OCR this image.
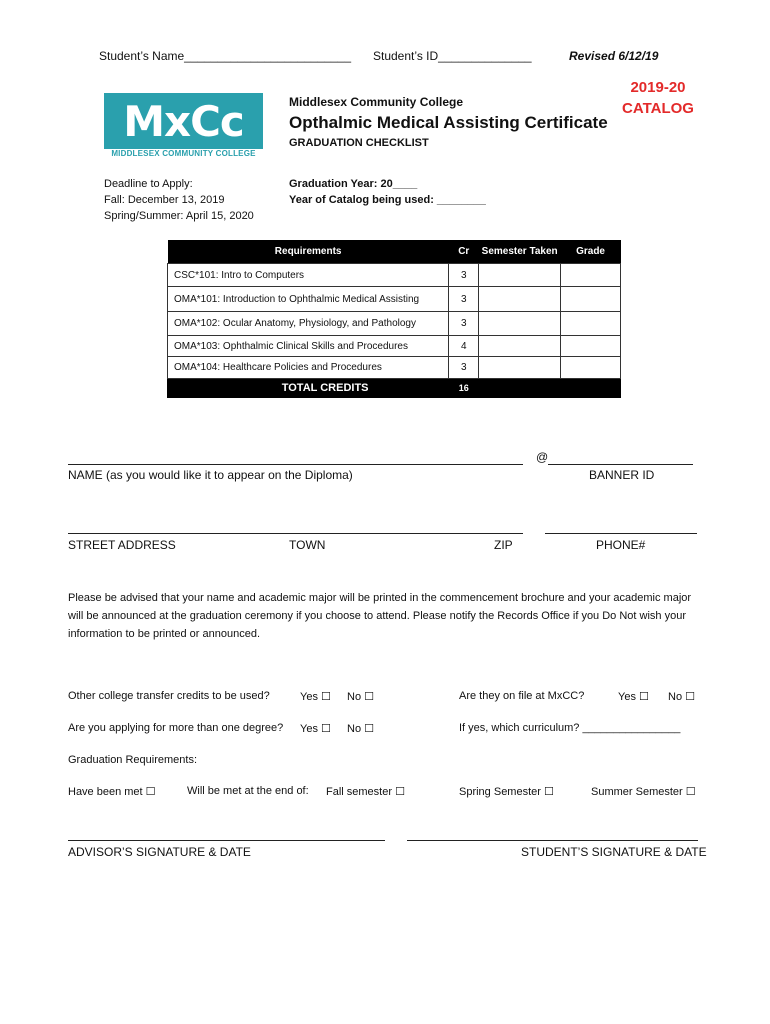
Student’s Name_________________________ Student’s ID______________	Revised 6/12/19
MxCc
MIDDLESEX COMMUNITY COLLEGE
Middlesex Community College
Opthalmic Medical Assisting Certificate
GRADUATION CHECKLIST
2019-20
CATALOG
Deadline to Apply:
Fall: December 13, 2019
Spring/Summer: April 15, 2020
Graduation Year: 20____
Year of Catalog being used: ________
Requirements	Cr	Semester Taken	Grade
CSC*101: Intro to Computers	3		
OMA*101: Introduction to Ophthalmic Medical Assisting	3		
OMA*102: Ocular Anatomy, Physiology, and Pathology	3		
OMA*103: Ophthalmic Clinical Skills and Procedures	4		
OMA*104: Healthcare Policies and Procedures	3		
TOTAL CREDITS	16		
@
NAME (as you would like it to appear on the Diploma)	BANNER ID
STREET ADDRESS	TOWN	ZIP	PHONE#
Please be advised that your name and academic major will be printed in the commencement brochure and your academic major will be announced at the graduation ceremony if you choose to attend. Please notify the Records Office if you Do Not wish your information to be printed or announced.
Other college transfer credits to be used?	Yes ☐ No ☐	Are they on file at MxCC?	Yes ☐ No ☐
Are you applying for more than one degree? Yes ☐ No ☐	If yes, which curriculum? ________________
Graduation Requirements:
Have been met ☐	Will be met at the end of: Fall semester ☐	Spring Semester ☐	Summer Semester ☐
ADVISOR’S SIGNATURE & DATE	STUDENT’S SIGNATURE & DATE
